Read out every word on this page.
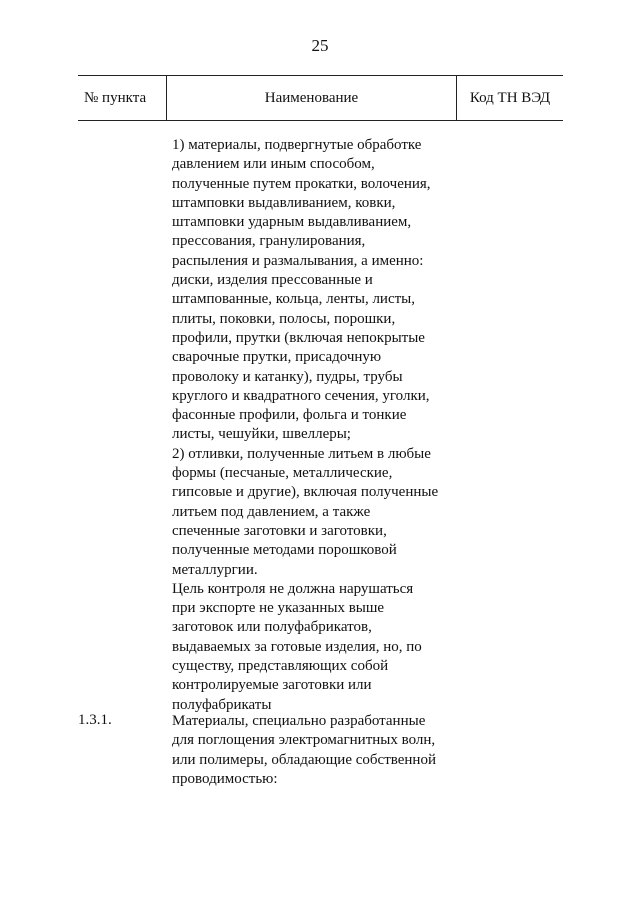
25
№ пункта	Наименование	Код ТН ВЭД
1) материалы, подвергнутые обработке
давлением или иным способом,
полученные путем прокатки, волочения,
штамповки выдавливанием, ковки,
штамповки ударным выдавливанием,
прессования, гранулирования,
распыления и размалывания, а именно:
диски, изделия прессованные и
штампованные, кольца, ленты, листы,
плиты, поковки, полосы, порошки,
профили, прутки (включая непокрытые
сварочные прутки, присадочную
проволоку и катанку), пудры, трубы
круглого и квадратного сечения, уголки,
фасонные профили, фольга и тонкие
листы, чешуйки, швеллеры;
2) отливки, полученные литьем в любые
формы (песчаные, металлические,
гипсовые и другие), включая полученные
литьем под давлением, а также
спеченные заготовки и заготовки,
полученные методами порошковой
металлургии.
Цель контроля не должна нарушаться
при экспорте не указанных выше
заготовок или полуфабрикатов,
выдаваемых за готовые изделия, но, по
существу, представляющих собой
контролируемые заготовки или
полуфабрикаты
1.3.1.	Материалы, специально разработанные
для поглощения электромагнитных волн,
или полимеры, обладающие собственной
проводимостью:
